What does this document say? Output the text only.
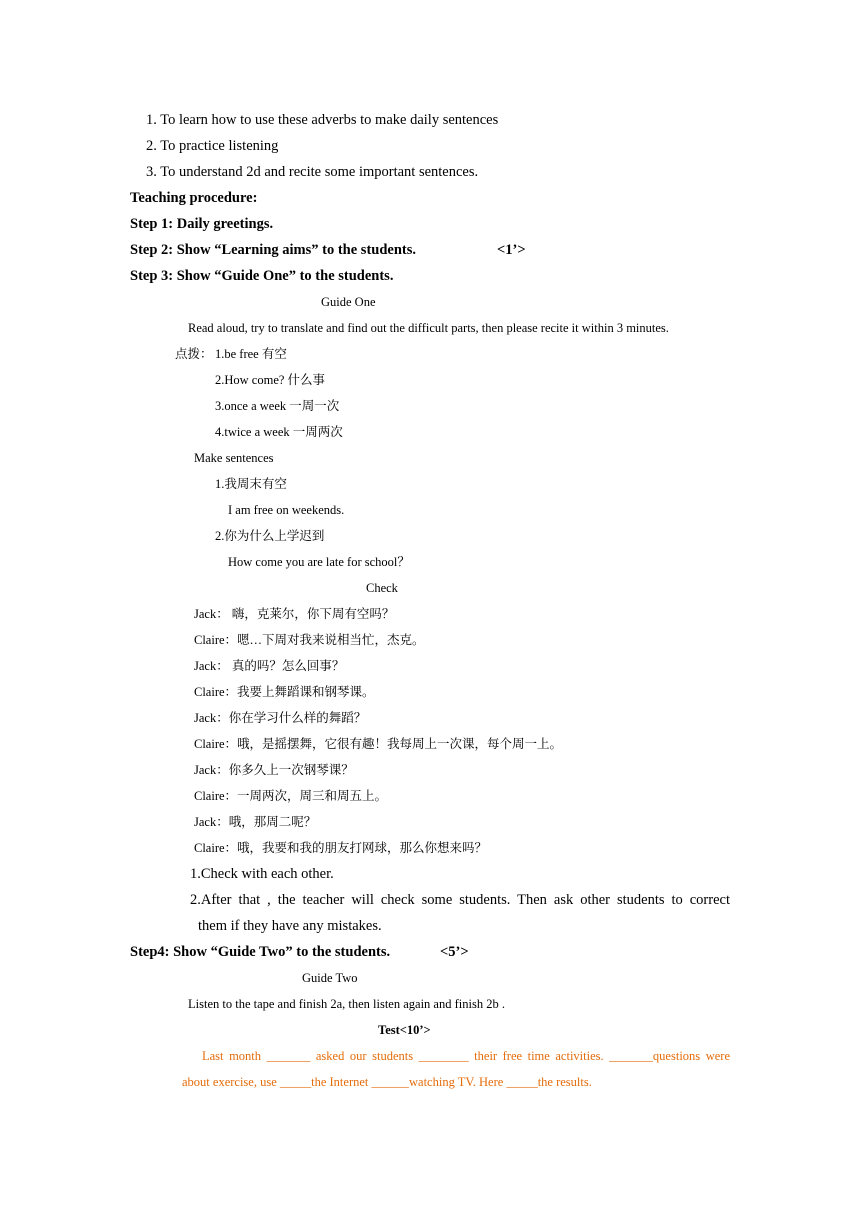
1. To learn how to use these adverbs to make daily sentences
2. To practice listening
3. To understand 2d and recite some important sentences.
Teaching procedure:
Step 1: Daily greetings.
Step 2: Show “Learning aims” to the students.	<1’>
Step 3: Show “Guide One” to the students.
Guide One
Read aloud, try to translate and find out the difficult parts, then please recite it within 3 minutes.
点拨： 1.be free 有空
2.How come? 什么事
3.once a week 一周一次
4.twice a week 一周两次
Make sentences
1.我周末有空
I am free on weekends.
2.你为什么上学迟到
How come you are late for school？
Check
Jack： 嗨，克莱尔，你下周有空吗？
Claire：嗯…下周对我来说相当忙，杰克。
Jack： 真的吗？怎么回事？
Claire：我要上舞蹈课和钢琴课。
Jack：你在学习什么样的舞蹈？
Claire：哦，是摇摆舞，它很有趣！我每周上一次课，每个周一上。
Jack：你多久上一次钢琴课？
Claire：一周两次，周三和周五上。
Jack：哦，那周二呢？
Claire：哦，我要和我的朋友打网球，那么你想来吗？
1.Check with each other.
2.After that , the teacher will check some students. Then ask other students to correct
them if they have any mistakes.
Step4: Show “Guide Two” to the students.	<5’>
Guide Two
Listen to the tape and finish 2a, then listen again and finish 2b .
Test<10’>
Last month _______ asked our students ________ their free time activities. _______questions were
about exercise, use _____the Internet ______watching TV. Here _____the results.
